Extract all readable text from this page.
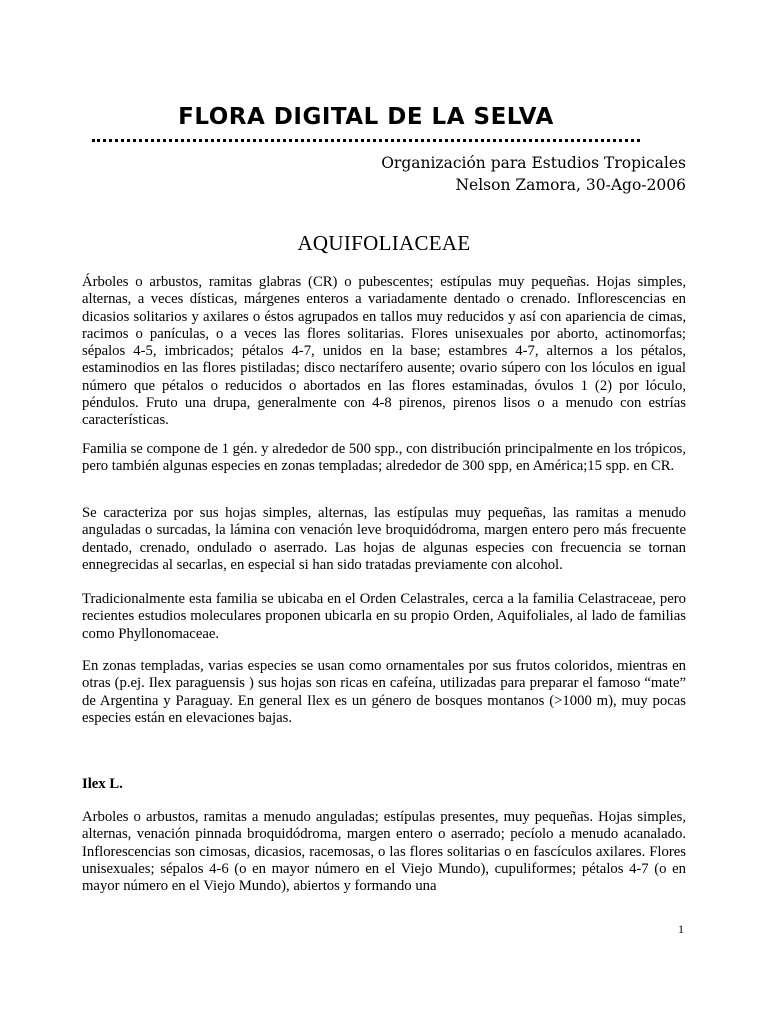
FLORA DIGITAL DE LA SELVA
Organización para Estudios Tropicales
Nelson Zamora, 30-Ago-2006
AQUIFOLIACEAE

Árboles o arbustos, ramitas glabras (CR) o pubescentes; estípulas muy pequeñas. Hojas simples, alternas, a veces dísticas, márgenes enteros a variadamente dentado o crenado. Inflorescencias en dicasios solitarios y axilares o éstos agrupados en tallos muy reducidos y así con apariencia de cimas, racimos o panículas, o a veces las flores solitarias. Flores unisexuales por aborto, actinomorfas; sépalos 4-5, imbricados; pétalos 4-7, unidos en la base; estambres 4-7, alternos a los pétalos, estaminodios en las flores pistiladas; disco nectarífero ausente; ovario súpero con los lóculos en igual número que pétalos o reducidos o abortados en las flores estaminadas, óvulos 1 (2) por lóculo, péndulos. Fruto una drupa, generalmente con 4-8 pirenos, pirenos lisos o a menudo con estrías características.

Familia se compone de 1 gén. y alrededor de 500 spp., con distribución principalmente en los trópicos, pero también algunas especies en zonas templadas; alrededor de 300 spp, en América;15 spp. en CR.

Se caracteriza por sus hojas simples, alternas, las estípulas muy pequeñas, las ramitas a menudo anguladas o surcadas, la lámina con venación leve broquidódroma, margen entero pero más frecuente dentado, crenado, ondulado o aserrado. Las hojas de algunas especies con frecuencia se tornan ennegrecidas al secarlas, en especial si han sido tratadas previamente con alcohol.

Tradicionalmente esta familia se ubicaba en el Orden Celastrales, cerca a la familia Celastraceae, pero recientes estudios moleculares proponen ubicarla en su propio Orden, Aquifoliales, al lado de familias como Phyllonomaceae.

En zonas templadas, varias especies se usan como ornamentales por sus frutos coloridos, mientras en otras (p.ej. Ilex paraguensis ) sus hojas son ricas en cafeína, utilizadas para preparar el famoso “mate” de Argentina y Paraguay. En general Ilex es un género de bosques montanos (>1000 m), muy pocas especies están en elevaciones bajas.

Ilex L.

Arboles o arbustos, ramitas a menudo anguladas; estípulas presentes, muy pequeñas. Hojas simples, alternas, venación pinnada broquidódroma, margen entero o aserrado; pecíolo a menudo acanalado. Inflorescencias son cimosas, dicasios, racemosas, o las flores solitarias o en fascículos axilares. Flores unisexuales; sépalos 4-6 (o en mayor número en el Viejo Mundo), cupuliformes; pétalos 4-7 (o en mayor número en el Viejo Mundo), abiertos y formando una

1
